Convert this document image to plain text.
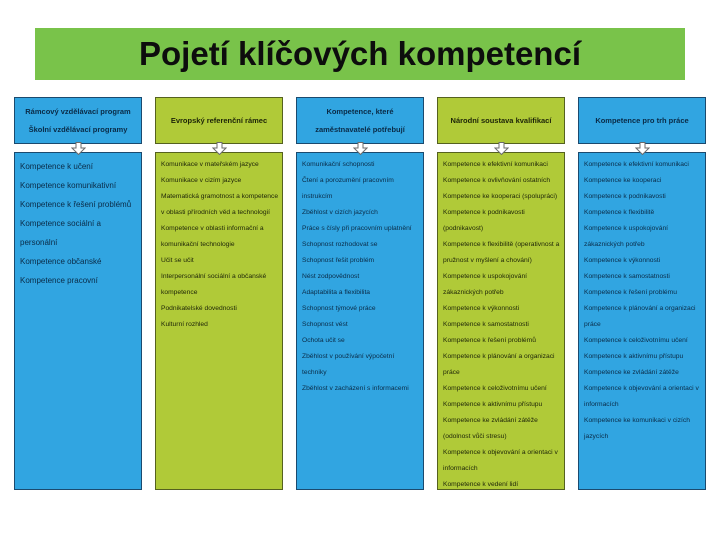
Pojetí klíčových kompetencí
Rámcový vzdělávací program
Školní vzdělávací programy
Kompetence k učení
Kompetence komunikativní
Kompetence k řešení problémů
Kompetence sociální a personální
Kompetence občanské
Kompetence pracovní
Evropský referenční rámec
Komunikace v mateřském jazyce
Komunikace v cizím jazyce
Matematická gramotnost a kompetence v oblasti přírodních věd a technologií
Kompetence v oblasti informační a komunikační technologie
Učit se učit
Interpersonální sociální a občanské kompetence
Podnikatelské dovednosti
Kulturní rozhled
Kompetence, které
zaměstnavatelé potřebují
Komunikační schopnosti
Čtení a porozumění pracovním instrukcím
Zběhlost v cizích jazycích
Práce s čísly při pracovním uplatnění
Schopnost rozhodovat se
Schopnost řešit problém
Nést zodpovědnost
Adaptabilita a flexibilita
Schopnost týmové práce
Schopnost vést
Ochota učit se
Zběhlost v používání výpočetní techniky
Zběhlost v zacházení s informacemi
Národní soustava kvalifikací
Kompetence k efektivní komunikaci
Kompetence k ovlivňování ostatních
Kompetence ke kooperaci (spolupráci)
Kompetence k podnikavosti (podnikavost)
Kompetence k flexibilitě (operativnost a pružnost v myšlení a chování)
Kompetence k uspokojování zákaznických potřeb
Kompetence k výkonnosti
Kompetence k samostatnosti
Kompetence k řešení problémů
Kompetence k plánování a organizaci práce
Kompetence k celoživotnímu učení
Kompetence k aktivnímu přístupu
Kompetence ke zvládání zátěže (odolnost vůči stresu)
Kompetence k objevování a orientaci v informacích
Kompetence k vedení lidí
Kompetence pro trh práce
Kompetence k efektivní komunikaci
Kompetence ke kooperaci
Kompetence k podnikavosti
Kompetence k flexibilitě
Kompetence k uspokojování zákaznických potřeb
Kompetence k výkonnosti
Kompetence k samostatnosti
Kompetence k řešení problému
Kompetence k plánování a organizaci práce
Kompetence k celoživotnímu učení
Kompetence k aktivnímu přístupu
Kompetence ke zvládání zátěže
Kompetence k objevování a orientaci v informacích
Kompetence ke komunikaci v cizích jazycích
